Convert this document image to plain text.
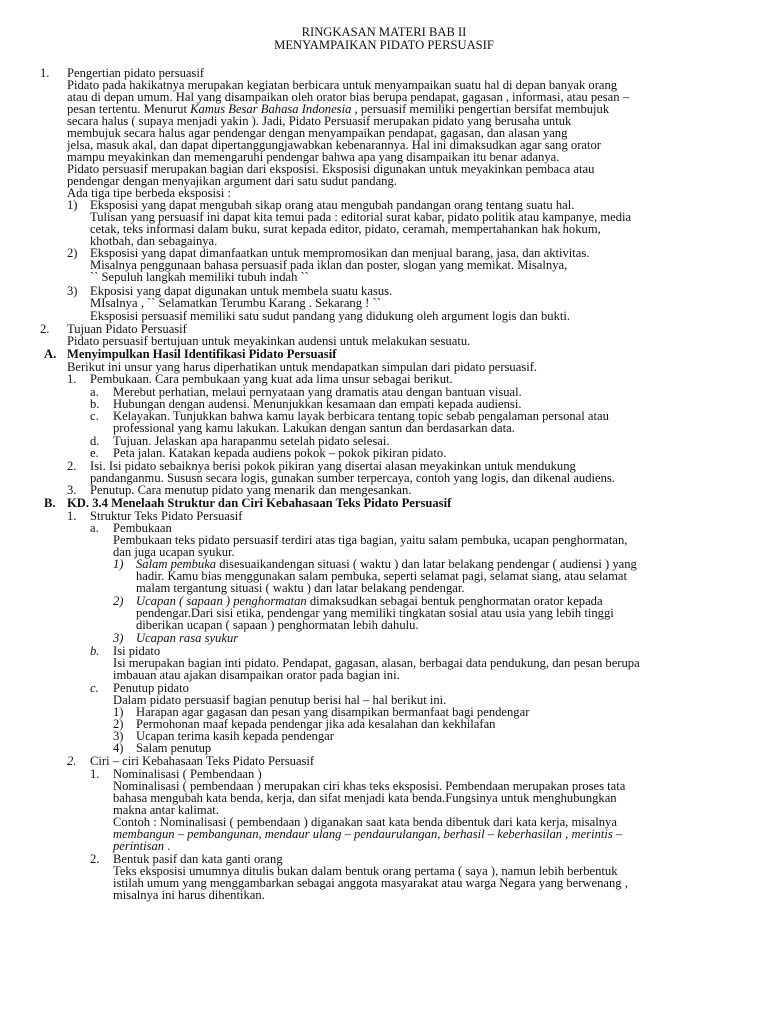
RINGKASAN MATERI BAB II
MENYAMPAIKAN PIDATO PERSUASIF
1. Pengertian pidato persuasif
Pidato pada hakikatnya merupakan kegiatan berbicara untuk menyampaikan suatu hal di depan banyak orang
atau di depan umum. Hal yang disampaikan oleh orator bias berupa pendapat, gagasan , informasi, atau pesan –
pesan tertentu. Menurut Kamus Besar Bahasa Indonesia , persuasif memiliki pengertian bersifat membujuk
secara halus ( supaya menjadi yakin ). Jadi, Pidato Persuasif merupakan pidato yang berusaha untuk
membujuk secara halus agar pendengar dengan menyampaikan pendapat, gagasan, dan alasan yang
jelsa, masuk akal, dan dapat dipertanggungjawabkan kebenarannya. Hal ini dimaksudkan agar sang orator
mampu meyakinkan dan memengaruhi pendengar bahwa apa yang disampaikan itu benar adanya.
Pidato persuasif merupakan bagian dari eksposisi. Eksposisi digunakan untuk meyakinkan pembaca atau
pendengar dengan menyajikan argument dari satu sudut pandang.
Ada tiga tipe berbeda eksposisi :
1) Eksposisi yang dapat mengubah sikap orang atau mengubah pandangan orang tentang suatu hal.
Tulisan yang persuasif ini dapat kita temui pada : editorial surat kabar, pidato politik atau kampanye, media
cetak, teks informasi dalam buku, surat kepada editor, pidato, ceramah, mempertahankan hak hokum,
khotbah, dan sebagainya.
2) Eksposisi yang dapat dimanfaatkan untuk mempromosikan dan menjual barang, jasa, dan aktivitas.
Misalnya penggunaan bahasa persuasif pada iklan dan poster, slogan yang memikat. Misalnya,
`` Sepuluh langkah memiliki tubuh indah ``
3) Ekposisi yang dapat digunakan untuk membela suatu kasus.
MIsalnya , `` Selamatkan Terumbu Karang . Sekarang ! ``
Eksposisi persuasif memiliki satu sudut pandang yang didukung oleh argument logis dan bukti.
2. Tujuan Pidato Persuasif
Pidato persuasif bertujuan untuk meyakinkan audensi untuk melakukan sesuatu.
A. Menyimpulkan Hasil Identifikasi Pidato Persuasif
Berikut ini unsur yang harus diperhatikan untuk mendapatkan simpulan dari pidato persuasif.
1. Pembukaan. Cara pembukaan yang kuat ada lima unsur sebagai berikut.
a. Merebut perhatian, melaui pernyataan yang dramatis atau dengan bantuan visual.
b. Hubungan dengan audensi. Menunjukkan kesamaan dan empati kepada audiensi.
c. Kelayakan. Tunjukkan bahwa kamu layak berbicara tentang topic sebab pengalaman personal atau
professional yang kamu lakukan. Lakukan dengan santun dan berdasarkan data.
d. Tujuan. Jelaskan apa harapanmu setelah pidato selesai.
e. Peta jalan. Katakan kepada audiens pokok – pokok pikiran pidato.
2. Isi. Isi pidato sebaiknya berisi pokok pikiran yang disertai alasan meyakinkan untuk mendukung
pandanganmu. Sususn secara logis, gunakan sumber terpercaya, contoh yang logis, dan dikenal audiens.
3. Penutup. Cara menutup pidato yang menarik dan mengesankan.
B. KD. 3.4 Menelaah Struktur dan Ciri Kebahasaan Teks Pidato Persuasif
1. Struktur Teks Pidato Persuasif
a. Pembukaan
Pembukaan teks pidato persuasif terdiri atas tiga bagian, yaitu salam pembuka, ucapan penghormatan,
dan juga ucapan syukur.
1) Salam pembuka disesuaikandengan situasi ( waktu ) dan latar belakang pendengar ( audiensi ) yang
hadir. Kamu bias menggunakan salam pembuka, seperti selamat pagi, selamat siang, atau selamat
malam tergantung situasi ( waktu ) dan latar belakang pendengar.
2) Ucapan ( sapaan ) penghormatan dimaksudkan sebagai bentuk penghormatan orator kepada
pendengar.Dari sisi etika, pendengar yang memiliki tingkatan sosial atau usia yang lebih tinggi
diberikan ucapan ( sapaan ) penghormatan lebih dahulu.
3) Ucapan rasa syukur
b. Isi pidato
Isi merupakan bagian inti pidato. Pendapat, gagasan, alasan, berbagai data pendukung, dan pesan berupa
imbauan atau ajakan disampaikan orator pada bagian ini.
c. Penutup pidato
Dalam pidato persuasif bagian penutup berisi hal – hal berikut ini.
1) Harapan agar gagasan dan pesan yang disampikan bermanfaat bagi pendengar
2) Permohonan maaf kepada pendengar jika ada kesalahan dan kekhilafan
3) Ucapan terima kasih kepada pendengar
4) Salam penutup
2. Ciri – ciri Kebahasaan Teks Pidato Persuasif
1. Nominalisasi ( Pembendaan )
Nominalisasi ( pembendaan ) merupakan ciri khas teks eksposisi. Pembendaan merupakan proses tata
bahasa mengubah kata benda, kerja, dan sifat menjadi kata benda.Fungsinya untuk menghubungkan
makna antar kalimat.
Contoh : Nominalisasi ( pembendaan ) diganakan saat kata benda dibentuk dari kata kerja, misalnya
membangun – pembangunan, mendaur ulang – pendaurulangan, berhasil – keberhasilan , merintis –
perintisan .
2. Bentuk pasif dan kata ganti orang
Teks eksposisi umumnya ditulis bukan dalam bentuk orang pertama ( saya ), namun lebih berbentuk
istilah umum yang menggambarkan sebagai anggota masyarakat atau warga Negara yang berwenang ,
misalnya ini harus dihentikan.
